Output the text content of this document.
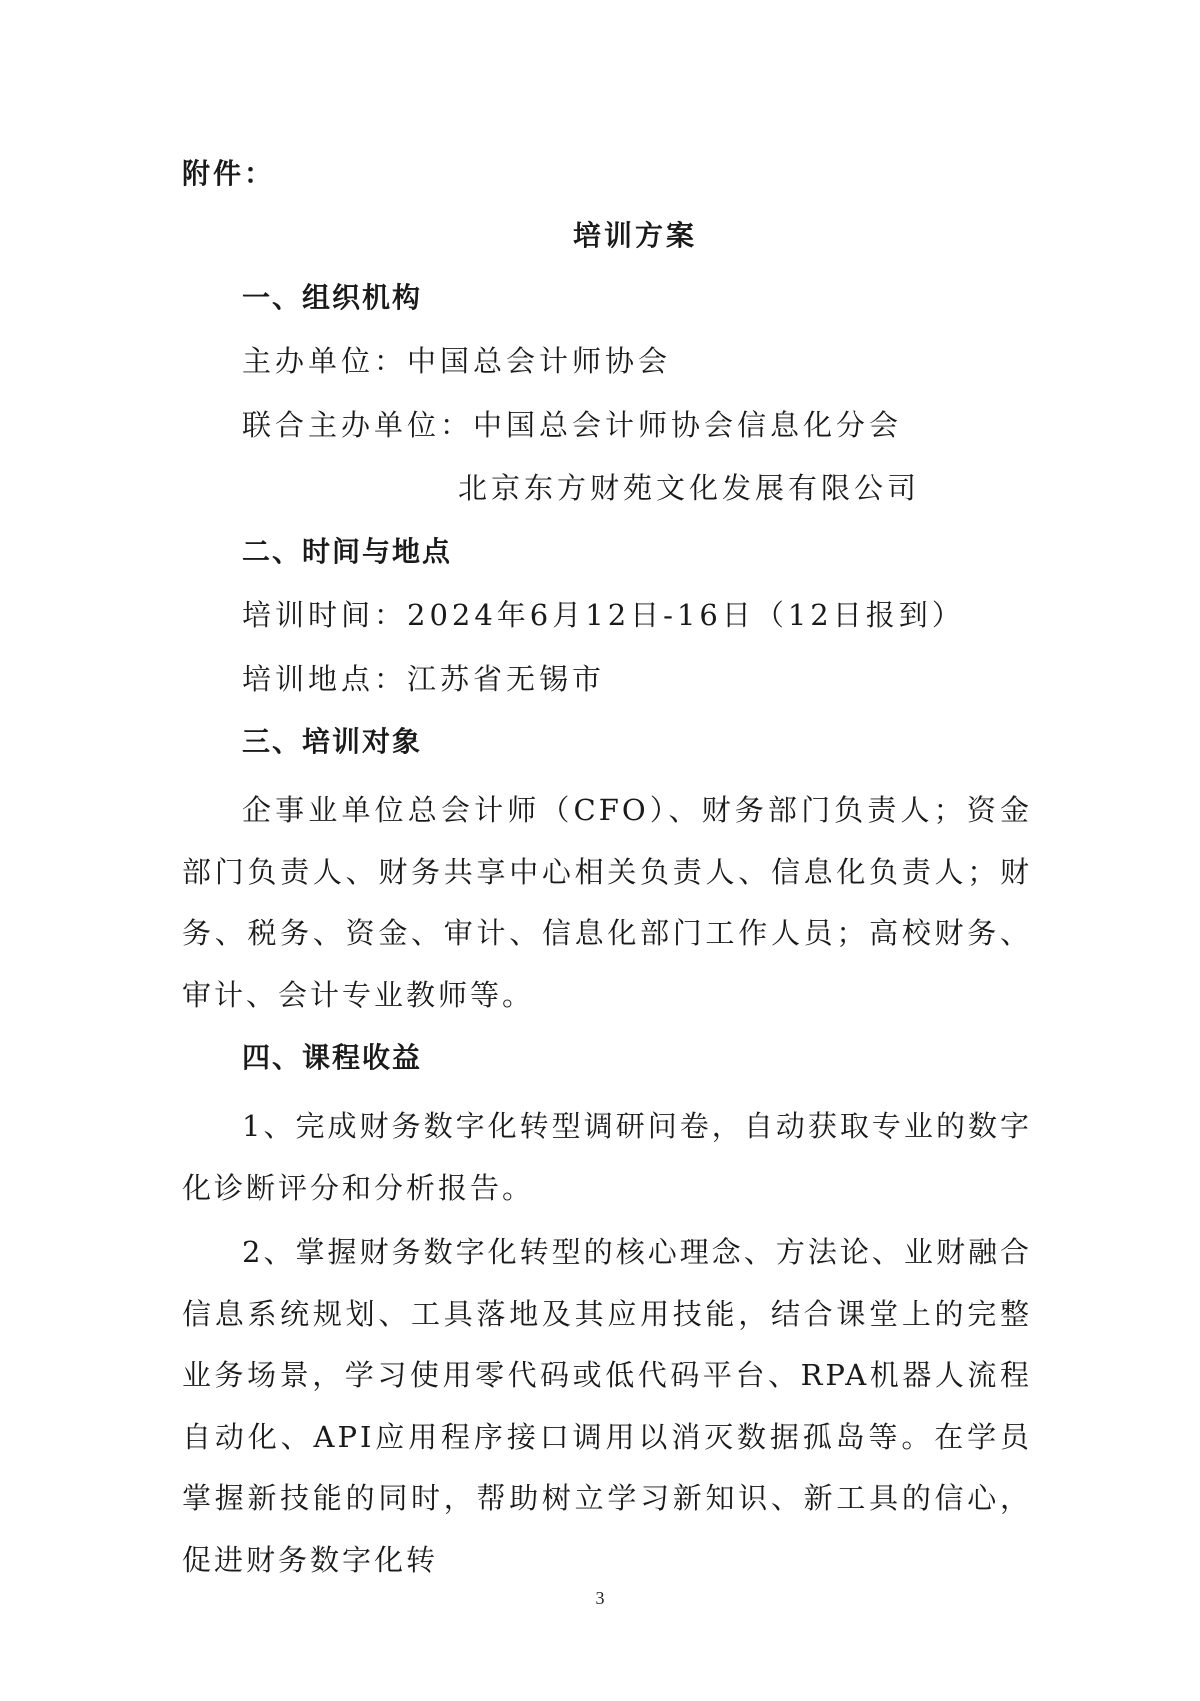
附件：
培训方案
一、组织机构
主办单位：中国总会计师协会
联合主办单位：中国总会计师协会信息化分会
北京东方财苑文化发展有限公司
二、时间与地点
培训时间：2024年6月12日-16日（12日报到）
培训地点：江苏省无锡市
三、培训对象

企事业单位总会计师（CFO）、财务部门负责人；资金部门负责人、财务共享中心相关负责人、信息化负责人；财务、税务、资金、审计、信息化部门工作人员；高校财务、审计、会计专业教师等。

四、课程收益

1、完成财务数字化转型调研问卷，自动获取专业的数字化诊断评分和分析报告。

2、掌握财务数字化转型的核心理念、方法论、业财融合信息系统规划、工具落地及其应用技能，结合课堂上的完整业务场景，学习使用零代码或低代码平台、RPA机器人流程自动化、API应用程序接口调用以消灭数据孤岛等。在学员掌握新技能的同时，帮助树立学习新知识、新工具的信心，促进财务数字化转

3
